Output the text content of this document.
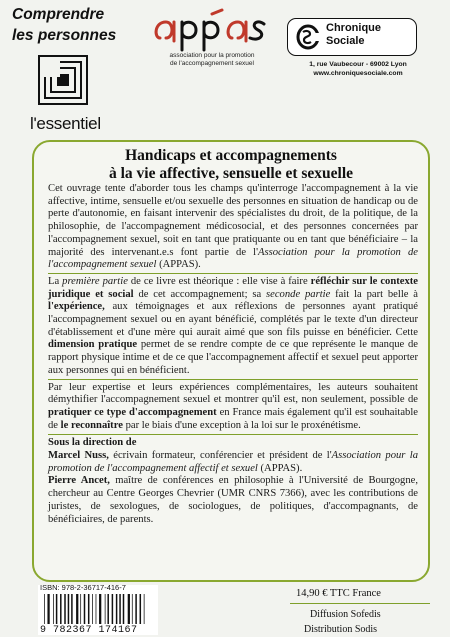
Comprendre
les personnes
l'essentiel
association pour la promotion
de l'accompagnement sexuel
Chronique
Sociale
1, rue Vaubecour - 69002 Lyon
www.chroniquesociale.com
Handicaps et accompagnements
à la vie affective, sensuelle et sexuelle

Cet ouvrage tente d'aborder tous les champs qu'interroge l'accompagnement à la vie affective, intime, sensuelle et/ou sexuelle des personnes en situation de handicap ou de perte d'autonomie, en faisant intervenir des spécialistes du droit, de la politique, de la philosophie, de l'accompagnement médicosocial, et des personnes concernées par l'accompagnement sexuel, soit en tant que pratiquante ou en tant que bénéficiaire – la majorité des intervenant.e.s font partie de l'Association pour la promotion de l'accompagnement sexuel (APPAS).

La première partie de ce livre est théorique : elle vise à faire réfléchir sur le contexte juridique et social de cet accompagnement; sa seconde partie fait la part belle à l'expérience, aux témoignages et aux réflexions de personnes ayant pratiqué l'accompagnement sexuel ou en ayant bénéficié, complétés par le texte d'un directeur d'établissement et d'une mère qui aurait aimé que son fils puisse en bénéficier. Cette dimension pratique permet de se rendre compte de ce que représente le manque de rapport physique intime et de ce que l'accompagnement affectif et sexuel peut apporter aux personnes qui en bénéficient.

Par leur expertise et leurs expériences complémentaires, les auteurs souhaitent démythifier l'accompagnement sexuel et montrer qu'il est, non seulement, possible de pratiquer ce type d'accompagnement en France mais également qu'il est souhaitable de le reconnaître par le biais d'une exception à la loi sur le proxénétisme.

Sous la direction de

Marcel Nuss, écrivain formateur, conférencier et président de l'Association pour la promotion de l'accompagnement affectif et sexuel (APPAS).

Pierre Ancet, maître de conférences en philosophie à l'Université de Bourgogne, chercheur au Centre Georges Chevrier (UMR CNRS 7366), avec les contributions de juristes, de sexologues, de sociologues, de politiques, d'accompagnants, de bénéficiaires, de parents.

ISBN: 978-2-36717-416-7
9 782367 174167
14,90 € TTC France
Diffusion Sofedis
Distribution Sodis
